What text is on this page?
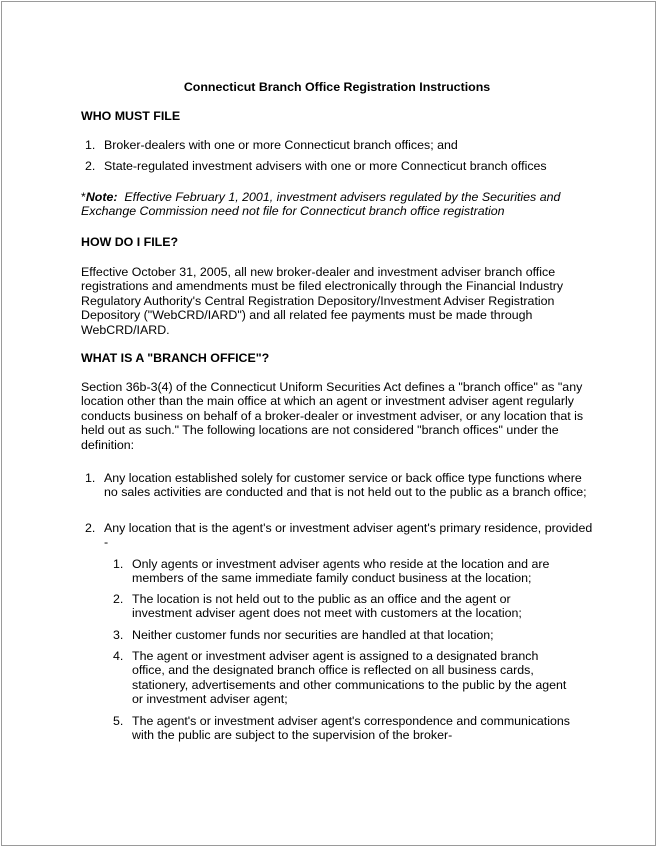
Connecticut Branch Office Registration Instructions
WHO MUST FILE
1. Broker-dealers with one or more Connecticut branch offices; and
2. State-regulated investment advisers with one or more Connecticut branch offices
*Note: Effective February 1, 2001, investment advisers regulated by the Securities and Exchange Commission need not file for Connecticut branch office registration
HOW DO I FILE?
Effective October 31, 2005, all new broker-dealer and investment adviser branch office registrations and amendments must be filed electronically through the Financial Industry Regulatory Authority's Central Registration Depository/Investment Adviser Registration Depository ("WebCRD/IARD") and all related fee payments must be made through WebCRD/IARD.
WHAT IS A "BRANCH OFFICE"?
Section 36b-3(4) of the Connecticut Uniform Securities Act defines a "branch office" as "any location other than the main office at which an agent or investment adviser agent regularly conducts business on behalf of a broker-dealer or investment adviser, or any location that is held out as such." The following locations are not considered "branch offices" under the definition:
1. Any location established solely for customer service or back office type functions where no sales activities are conducted and that is not held out to the public as a branch office;
2. Any location that is the agent's or investment adviser agent's primary residence, provided -
1. Only agents or investment adviser agents who reside at the location and are members of the same immediate family conduct business at the location;
2. The location is not held out to the public as an office and the agent or investment adviser agent does not meet with customers at the location;
3. Neither customer funds nor securities are handled at that location;
4. The agent or investment adviser agent is assigned to a designated branch office, and the designated branch office is reflected on all business cards, stationery, advertisements and other communications to the public by the agent or investment adviser agent;
5. The agent's or investment adviser agent's correspondence and communications with the public are subject to the supervision of the broker-
